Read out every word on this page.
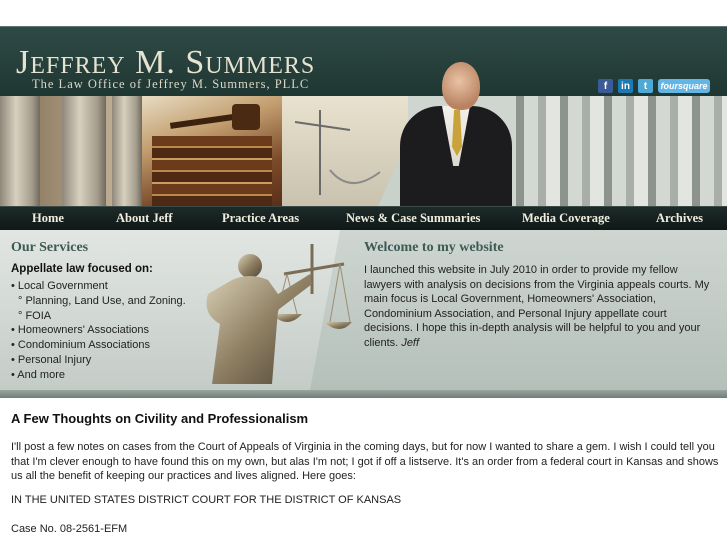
Jeffrey M. Summers
The Law Office of Jeffrey M. Summers, PLLC	f	in	t	foursquare
Home	About Jeff	Practice Areas	News & Case Summaries	Media Coverage	Archives
Our Services
Appellate law focused on:
• Local Government
° Planning, Land Use, and Zoning.
° FOIA
• Homeowners' Associations
• Condominium Associations
• Personal Injury
• And more
Welcome to my website
I launched this website in July 2010 in order to provide my fellow lawyers with analysis on decisions from the Virginia appeals courts. My main focus is Local Government, Homeowners' Association, Condominium Association, and Personal Injury appellate court decisions. I hope this in-depth analysis will be helpful to you and your clients. Jeff
A Few Thoughts on Civility and Professionalism
I'll post a few notes on cases from the Court of Appeals of Virginia in the coming days, but for now I wanted to share a gem. I wish I could tell you that I'm clever enough to have found this on my own, but alas I'm not; I got if off a listserve. It's an order from a federal court in Kansas and shows us all the benefit of keeping our practices and lives aligned. Here goes:
IN THE UNITED STATES DISTRICT COURT FOR THE DISTRICT OF KANSAS
Case No. 08-2561-EFM
